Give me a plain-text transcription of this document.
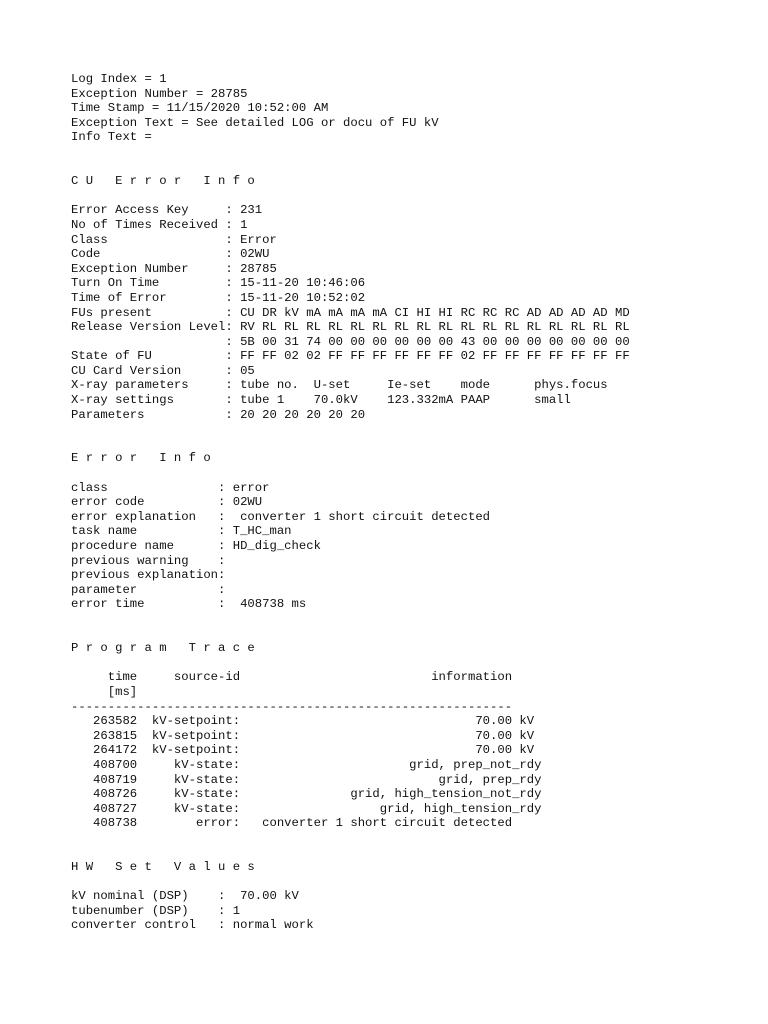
Log Index = 1
Exception Number = 28785
Time Stamp = 11/15/2020 10:52:00 AM
Exception Text = See detailed LOG or docu of FU kV
Info Text =
C U   E r r o r   I n f o
Error Access Key     : 231
No of Times Received : 1
Class                : Error
Code                 : 02WU
Exception Number     : 28785
Turn On Time         : 15-11-20 10:46:06
Time of Error        : 15-11-20 10:52:02
FUs present          : CU DR kV mA mA mA mA CI HI HI RC RC RC AD AD AD AD MD
Release Version Level: RV RL RL RL RL RL RL RL RL RL RL RL RL RL RL RL RL RL
: 5B 00 31 74 00 00 00 00 00 00 43 00 00 00 00 00 00 00
State of FU          : FF FF 02 02 FF FF FF FF FF FF 02 FF FF FF FF FF FF FF
CU Card Version      : 05
X-ray parameters     : tube no.  U-set     Ie-set    mode      phys.focus
X-ray settings       : tube 1    70.0kV    123.332mA PAAP      small
Parameters           : 20 20 20 20 20 20
E r r o r   I n f o
class               : error
error code          : 02WU
error explanation   :  converter 1 short circuit detected
task name           : T_HC_man
procedure name      : HD_dig_check
previous warning    :
previous explanation:
parameter           :
error time          :  408738 ms
P r o g r a m   T r a c e
time     source-id                          information
[ms]
------------------------------------------------------------
263582  kV-setpoint:                                70.00 kV
263815  kV-setpoint:                                70.00 kV
264172  kV-setpoint:                                70.00 kV
408700     kV-state:                       grid, prep_not_rdy
408719     kV-state:                           grid, prep_rdy
408726     kV-state:               grid, high_tension_not_rdy
408727     kV-state:                   grid, high_tension_rdy
408738        error:   converter 1 short circuit detected
H W   S e t   V a l u e s
kV nominal (DSP)    :  70.00 kV
tubenumber (DSP)    : 1
converter control   : normal work
